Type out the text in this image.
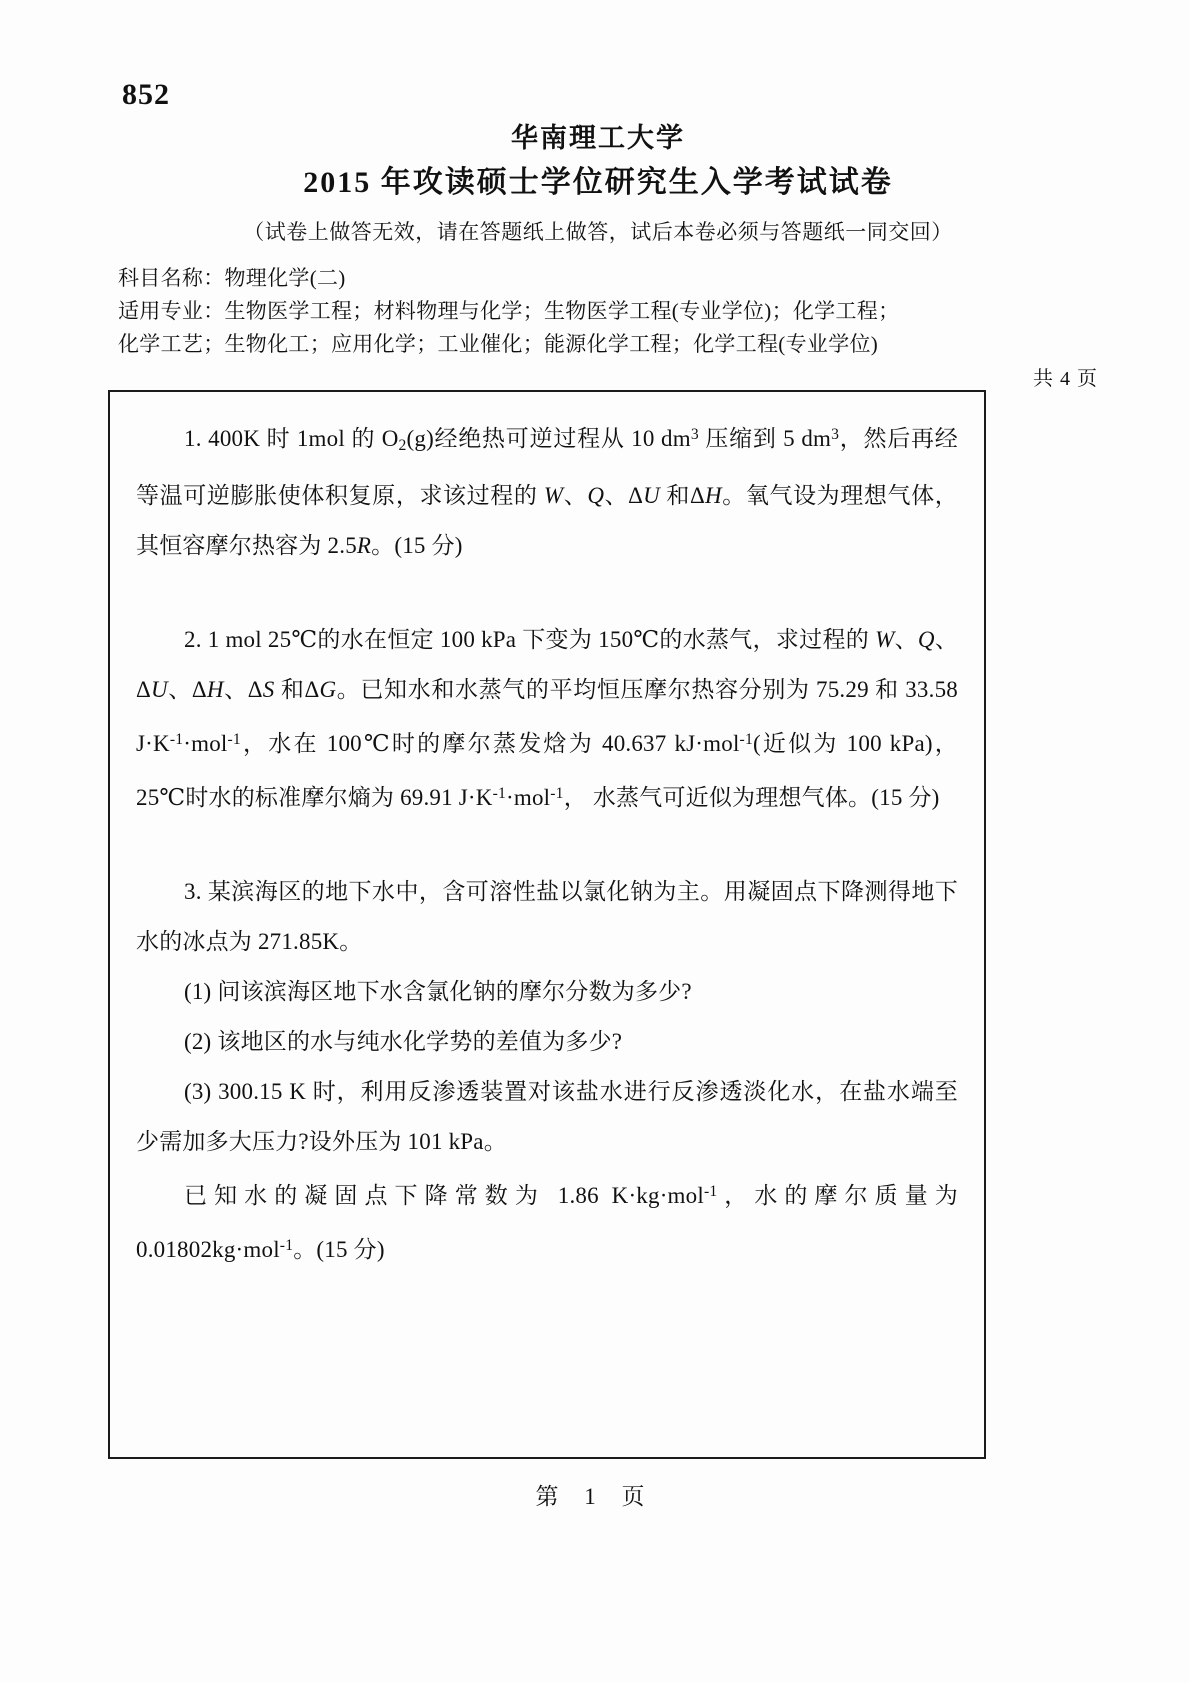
852
华南理工大学
2015 年攻读硕士学位研究生入学考试试卷
（试卷上做答无效，请在答题纸上做答，试后本卷必须与答题纸一同交回）
科目名称：物理化学(二)
适用专业：生物医学工程；材料物理与化学；生物医学工程(专业学位)；化学工程；
化学工艺；生物化工；应用化学；工业催化；能源化学工程；化学工程(专业学位)
共 4 页
1. 400K 时 1mol 的 $O_2(g)$经绝热可逆过程从 10 $dm^3$ 压缩到 5 $dm^3$，然后再经等温可逆膨胀使体积复原，求该过程的 W、Q、ΔU 和ΔH。氧气设为理想气体，其恒容摩尔热容为 2.5R。(15 分)
2. 1 mol 25℃的水在恒定 100 kPa 下变为 150℃的水蒸气，求过程的 W、Q、ΔU、ΔH、ΔS 和ΔG。已知水和水蒸气的平均恒压摩尔热容分别为 75.29 和 33.58 $J\cdot K^{-1}\cdot mol^{-1}$，水在 100℃时的摩尔蒸发焓为 40.637 kJ·mol$^{-1}$(近似为 100 kPa)， 25℃时水的标准摩尔熵为 69.91 $J\cdot K^{-1}\cdot mol^{-1}$， 水蒸气可近似为理想气体。(15 分)
3. 某滨海区的地下水中，含可溶性盐以氯化钠为主。用凝固点下降测得地下水的冰点为 271.85K。
(1) 问该滨海区地下水含氯化钠的摩尔分数为多少?
(2) 该地区的水与纯水化学势的差值为多少?
(3) 300.15 K 时，利用反渗透装置对该盐水进行反渗透淡化水，在盐水端至少需加多大压力?设外压为 101 kPa。
已知水的凝固点下降常数为 1.86 K·kg·mol$^{-1}$，水的摩尔质量为 0.01802kg·mol$^{-1}$。(15 分)
第 1 页
